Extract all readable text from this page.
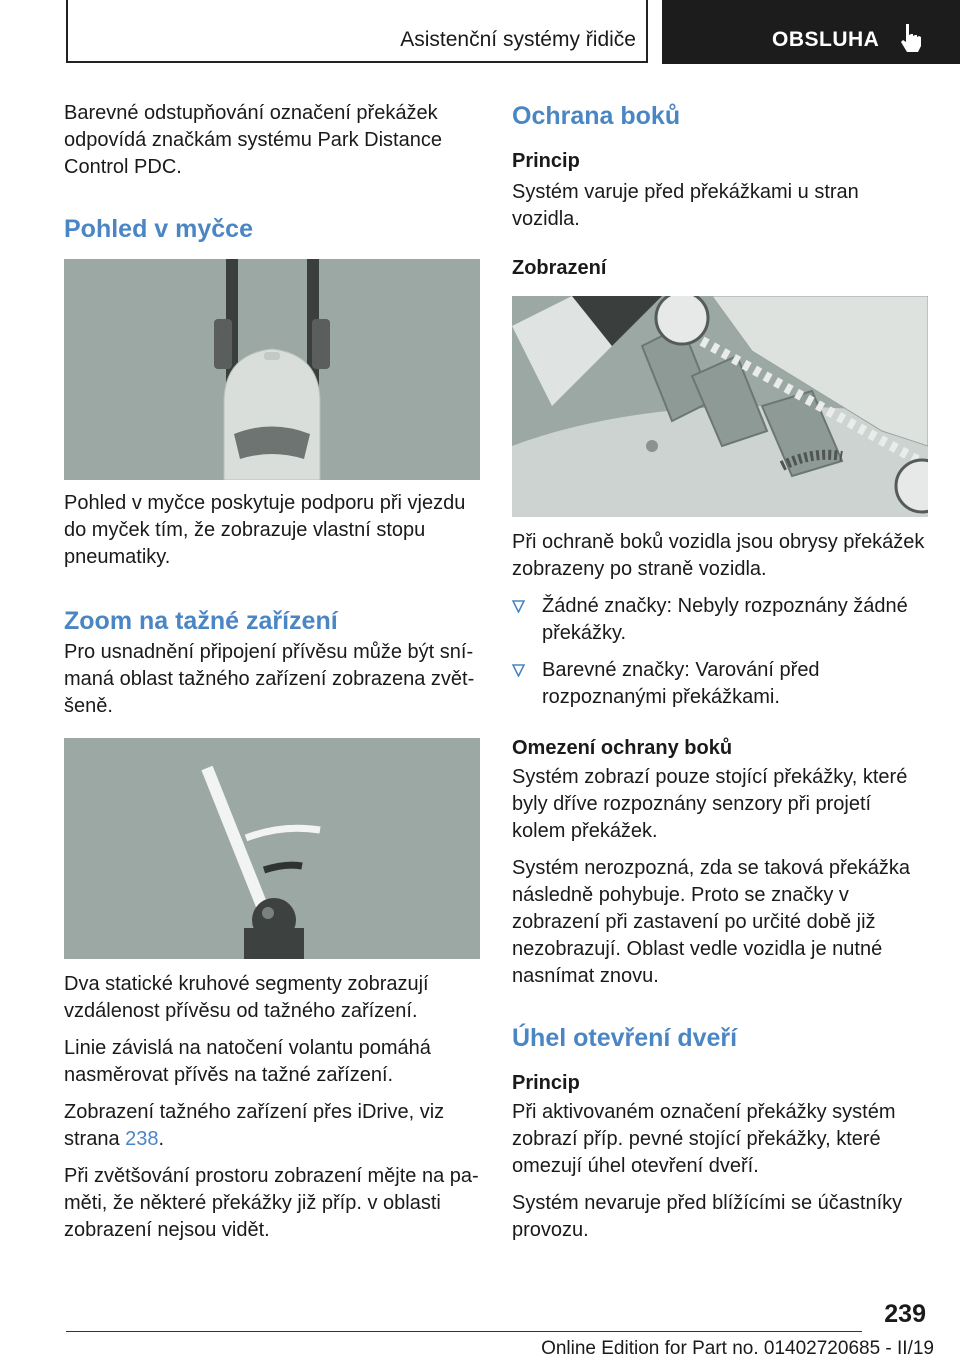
Asistenční systémy řidiče	OBSLUHA

Barevné odstupňování označení překážek odpovídá značkám systému Park Distance Control PDC.

Pohled v myčce

Pohled v myčce poskytuje podporu při vjezdu do myček tím, že zobrazuje vlastní stopu pneumatiky.

Zoom na tažné zařízení

Pro usnadnění připojení přívěsu může být snímaná oblast tažného zařízení zobrazena zvětšeně.

Dva statické kruhové segmenty zobrazují vzdálenost přívěsu od tažného zařízení.

Linie závislá na natočení volantu pomáhá nasměrovat přívěs na tažné zařízení.

Zobrazení tažného zařízení přes iDrive, viz strana 238.

Při zvětšování prostoru zobrazení mějte na paměti, že některé překážky již příp. v oblasti zobrazení nejsou vidět.

Ochrana boků
Princip

Systém varuje před překážkami u stran vozidla.

Zobrazení

Při ochraně boků vozidla jsou obrysy překážek zobrazeny po straně vozidla.

Žádné značky: Nebyly rozpoznány žádné překážky.
Barevné značky: Varování před rozpoznanými překážkami.
Omezení ochrany boků

Systém zobrazí pouze stojící překážky, které byly dříve rozpoznány senzory při projetí kolem překážek.

Systém nerozpozná, zda se taková překážka následně pohybuje. Proto se značky v zobrazení při zastavení po určité době již nezobrazují. Oblast vedle vozidla je nutné nasnímat znovu.

Úhel otevření dveří
Princip

Při aktivovaném označení překážky systém zobrazí příp. pevné stojící překážky, které omezují úhel otevření dveří.

Systém nevaruje před blížícími se účastníky provozu.

239
Online Edition for Part no. 01402720685 - II/19
